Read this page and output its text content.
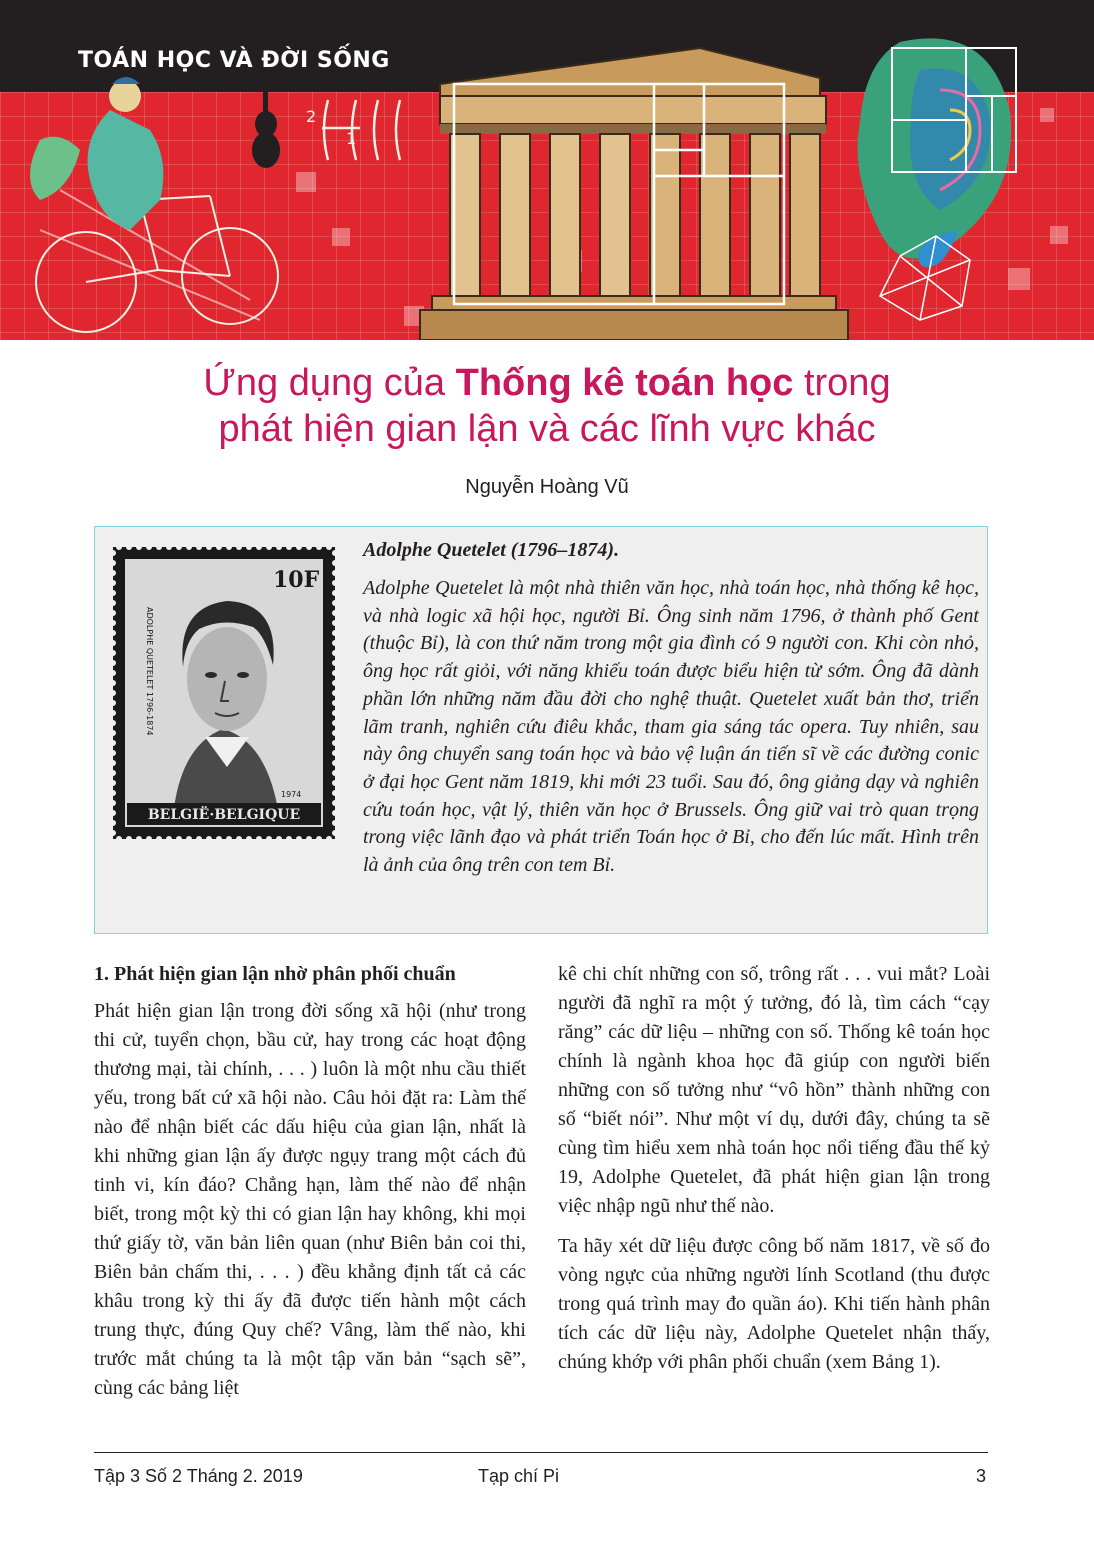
2
1
TOÁN HỌC VÀ ĐỜI SỐNG
Ứng dụng của Thống kê toán học trong
phát hiện gian lận và các lĩnh vực khác
Nguyễn Hoàng Vũ
10F
ADOLPHE QUETELET 1796-1874
1974
BELGIË·BELGIQUE
Adolphe Quetelet (1796–1874).

Adolphe Quetelet là một nhà thiên văn học, nhà toán học, nhà thống kê học, và nhà logic xã hội học, người Bỉ. Ông sinh năm 1796, ở thành phố Gent (thuộc Bỉ), là con thứ năm trong một gia đình có 9 người con. Khi còn nhỏ, ông học rất giỏi, với năng khiếu toán được biểu hiện từ sớm. Ông đã dành phần lớn những năm đầu đời cho nghệ thuật. Quetelet xuất bản thơ, triển lãm tranh, nghiên cứu điêu khắc, tham gia sáng tác opera. Tuy nhiên, sau này ông chuyển sang toán học và bảo vệ luận án tiến sĩ về các đường conic ở đại học Gent năm 1819, khi mới 23 tuổi. Sau đó, ông giảng dạy và nghiên cứu toán học, vật lý, thiên văn học ở Brussels. Ông giữ vai trò quan trọng trong việc lãnh đạo và phát triển Toán học ở Bỉ, cho đến lúc mất. Hình trên là ảnh của ông trên con tem Bỉ.

1. Phát hiện gian lận nhờ phân phối chuẩn

Phát hiện gian lận trong đời sống xã hội (như trong thi cử, tuyển chọn, bầu cử, hay trong các hoạt động thương mại, tài chính, . . . ) luôn là một nhu cầu thiết yếu, trong bất cứ xã hội nào. Câu hỏi đặt ra: Làm thế nào để nhận biết các dấu hiệu của gian lận, nhất là khi những gian lận ấy được ngụy trang một cách đủ tinh vi, kín đáo? Chẳng hạn, làm thế nào để nhận biết, trong một kỳ thi có gian lận hay không, khi mọi thứ giấy tờ, văn bản liên quan (như Biên bản coi thi, Biên bản chấm thi, . . . ) đều khẳng định tất cả các khâu trong kỳ thi ấy đã được tiến hành một cách trung thực, đúng Quy chế? Vâng, làm thế nào, khi trước mắt chúng ta là một tập văn bản “sạch sẽ”, cùng các bảng liệt

kê chi chít những con số, trông rất . . . vui mắt? Loài người đã nghĩ ra một ý tưởng, đó là, tìm cách “cạy răng” các dữ liệu – những con số. Thống kê toán học chính là ngành khoa học đã giúp con người biến những con số tưởng như “vô hồn” thành những con số “biết nói”. Như một ví dụ, dưới đây, chúng ta sẽ cùng tìm hiểu xem nhà toán học nổi tiếng đầu thế kỷ 19, Adolphe Quetelet, đã phát hiện gian lận trong việc nhập ngũ như thế nào.

Ta hãy xét dữ liệu được công bố năm 1817, về số đo vòng ngực của những người lính Scotland (thu được trong quá trình may đo quần áo). Khi tiến hành phân tích các dữ liệu này, Adolphe Quetelet nhận thấy, chúng khớp với phân phối chuẩn (xem Bảng 1).

Tập 3 Số 2 Tháng 2. 2019	Tạp chí Pi	3
